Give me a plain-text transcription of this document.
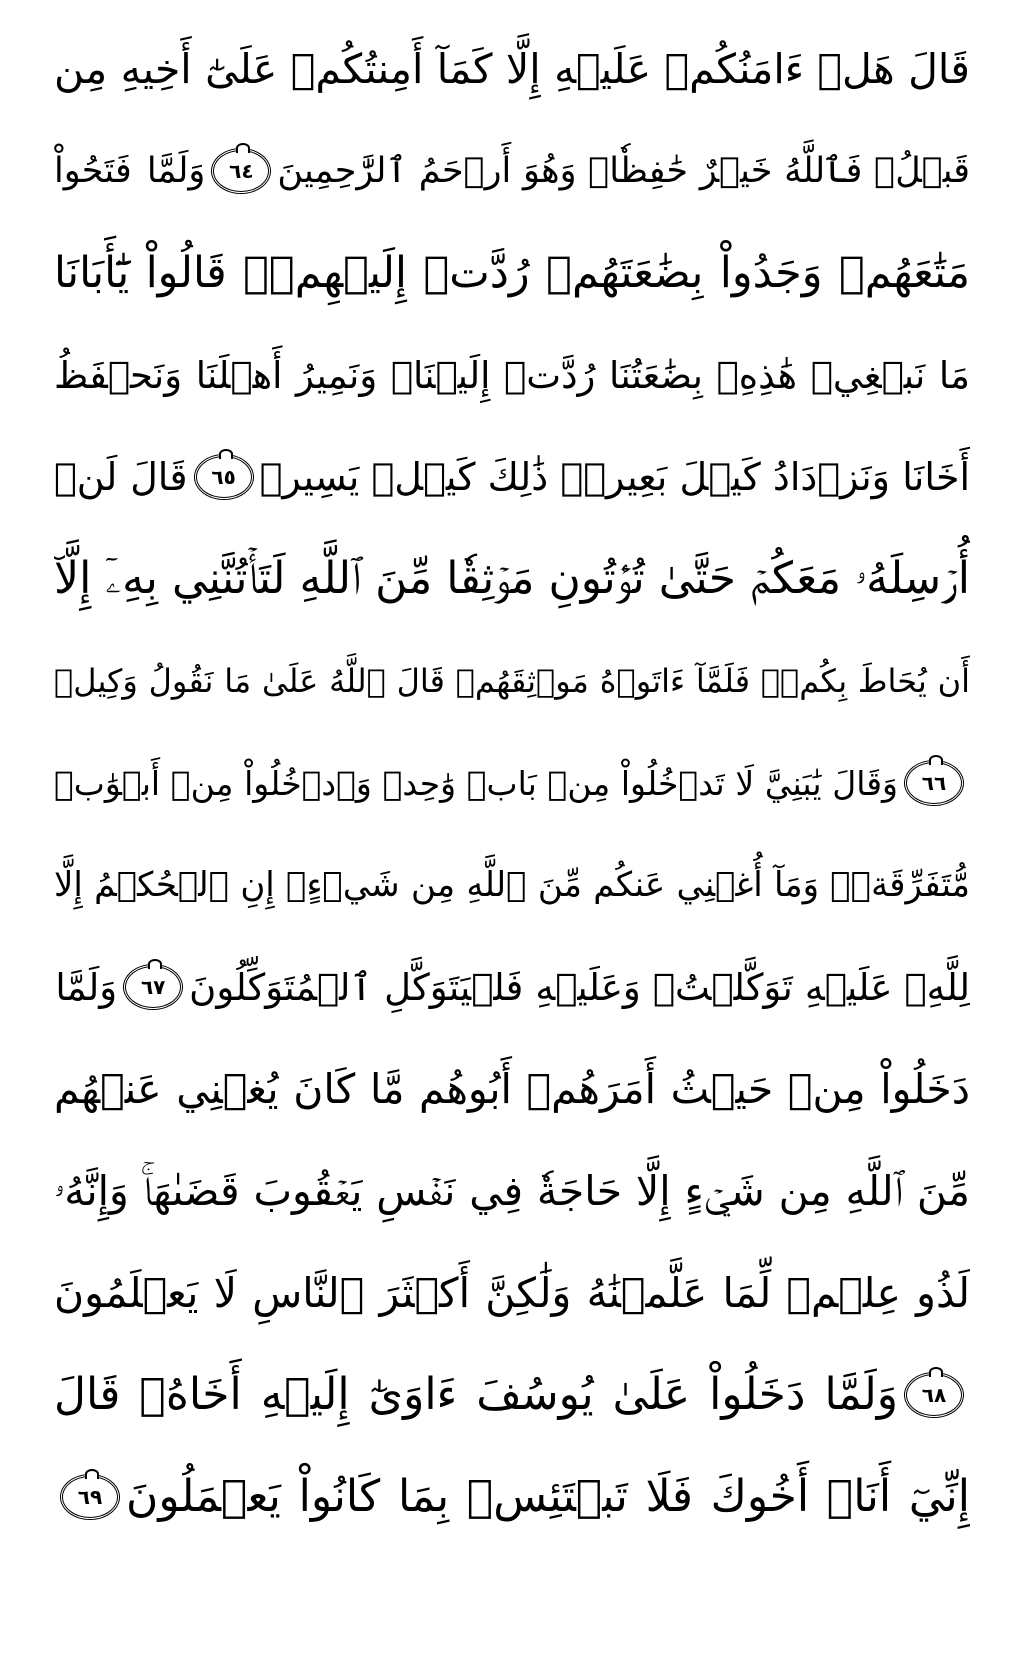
قَالَ هَلۡ ءَامَنُكُمۡ عَلَيۡهِ إِلَّا كَمَآ أَمِنتُكُمۡ عَلَىٰٓ أَخِيهِ مِن
قَبۡلُۖ فَٱللَّهُ خَيۡرٌ حَٰفِظٗاۖ وَهُوَ أَرۡحَمُ ٱلرَّٰحِمِينَ
٦٤
وَلَمَّا فَتَحُواْ
مَتَٰعَهُمۡ وَجَدُواْ بِضَٰعَتَهُمۡ رُدَّتۡ إِلَيۡهِمۡۖ قَالُواْ يَٰٓأَبَانَا
مَا نَبۡغِيۖ هَٰذِهِۦ بِضَٰعَتُنَا رُدَّتۡ إِلَيۡنَاۖ وَنَمِيرُ أَهۡلَنَا وَنَحۡفَظُ
أَخَانَا وَنَزۡدَادُ كَيۡلَ بَعِيرٖۖ ذَٰلِكَ كَيۡلٞ يَسِيرٞ
٦٥
قَالَ لَنۡ
أُرۡسِلَهُۥ مَعَكُمۡ حَتَّىٰ تُؤۡتُونِ مَوۡثِقٗا مِّنَ ٱللَّهِ لَتَأۡتُنَّنِي بِهِۦٓ إِلَّآ
أَن يُحَاطَ بِكُمۡۖ فَلَمَّآ ءَاتَوۡهُ مَوۡثِقَهُمۡ قَالَ ٱللَّهُ عَلَىٰ مَا نَقُولُ وَكِيلٞ
٦٦
وَقَالَ يَٰبَنِيَّ لَا تَدۡخُلُواْ مِنۢ بَابٖ وَٰحِدٖ وَٱدۡخُلُواْ مِنۡ أَبۡوَٰبٖ
مُّتَفَرِّقَةٖۖ وَمَآ أُغۡنِي عَنكُم مِّنَ ٱللَّهِ مِن شَيۡءٍۖ إِنِ ٱلۡحُكۡمُ إِلَّا
لِلَّهِۖ عَلَيۡهِ تَوَكَّلۡتُۖ وَعَلَيۡهِ فَلۡيَتَوَكَّلِ ٱلۡمُتَوَكِّلُونَ
٦٧
وَلَمَّا
دَخَلُواْ مِنۡ حَيۡثُ أَمَرَهُمۡ أَبُوهُم مَّا كَانَ يُغۡنِي عَنۡهُم
مِّنَ ٱللَّهِ مِن شَيۡءٍ إِلَّا حَاجَةٗ فِي نَفۡسِ يَعۡقُوبَ قَضَىٰهَاۚ وَإِنَّهُۥ
لَذُو عِلۡمٖ لِّمَا عَلَّمۡنَٰهُ وَلَٰكِنَّ أَكۡثَرَ ٱلنَّاسِ لَا يَعۡلَمُونَ
٦٨
وَلَمَّا دَخَلُواْ عَلَىٰ يُوسُفَ ءَاوَىٰٓ إِلَيۡهِ أَخَاهُۖ قَالَ
إِنِّيٓ أَنَا۠ أَخُوكَ فَلَا تَبۡتَئِسۡ بِمَا كَانُواْ يَعۡمَلُونَ
٦٩
